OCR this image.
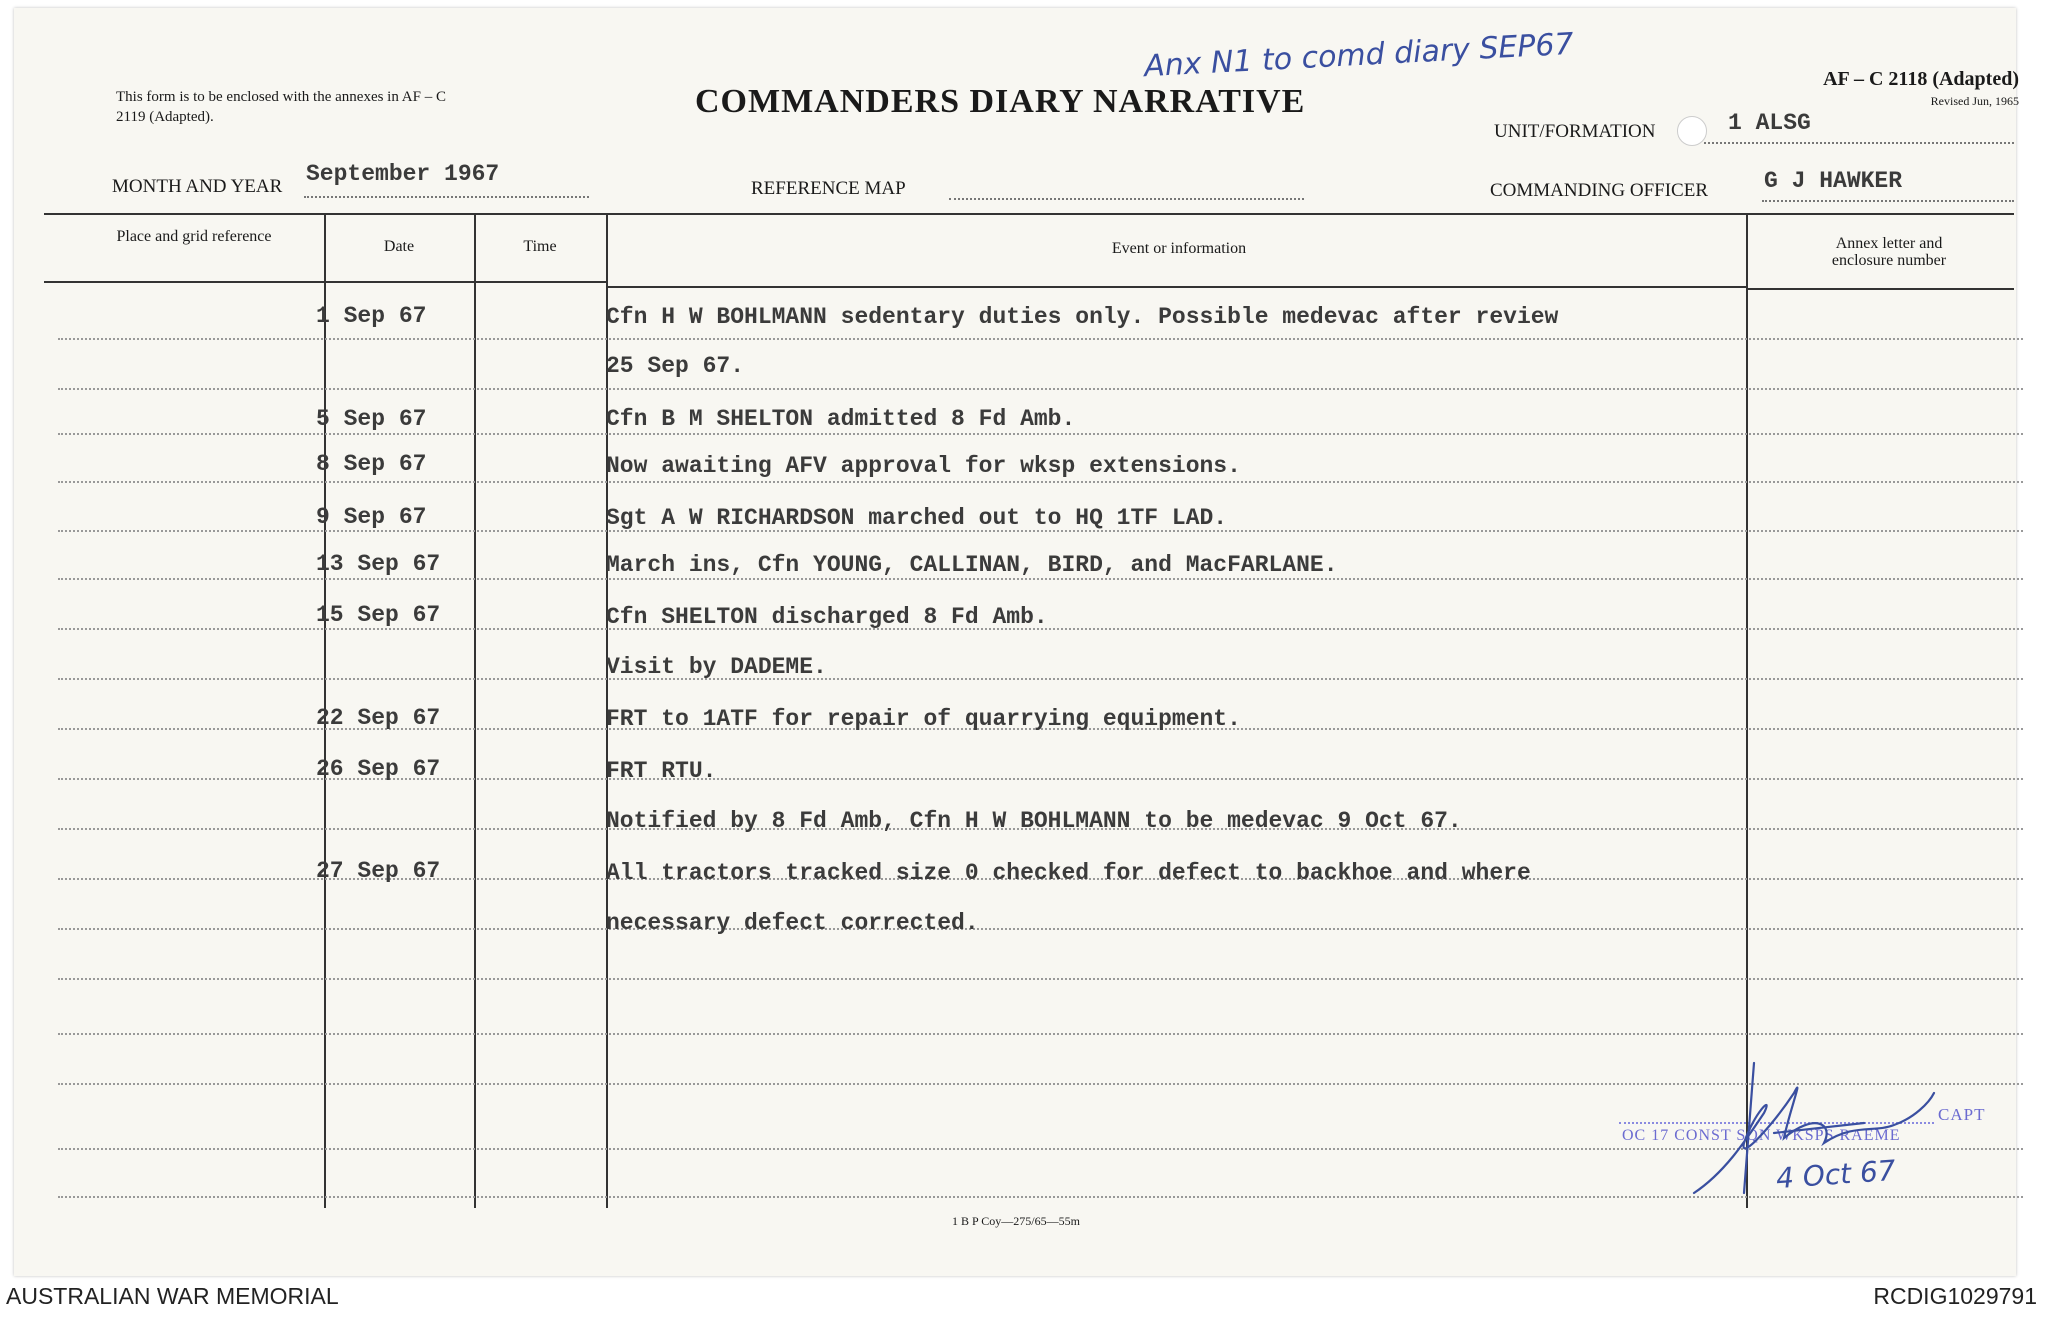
This form is to be enclosed with the annexes in AF – C 2119 (Adapted).	COMMANDERS DIARY NARRATIVE
Anx N1 to comd diary SEP67	AF – C 2118 (Adapted)
Revised Jun, 1965
UNIT/FORMATION	1 ALSG
MONTH AND YEAR September 1967
REFERENCE MAP	COMMANDING OFFICER G J HAWKER
Place and grid reference
Date	Time	Event or information	Annex letter and enclosure number
1 Sep 67	Cfn H W BOHLMANN sedentary duties only. Possible medevac after review
25 Sep 67.
5 Sep 67	Cfn B M SHELTON admitted 8 Fd Amb.
8 Sep 67	Now awaiting AFV approval for wksp extensions.
9 Sep 67	Sgt A W RICHARDSON marched out to HQ 1TF LAD.
13 Sep 67	March ins, Cfn YOUNG, CALLINAN, BIRD, and MacFARLANE.
15 Sep 67	Cfn SHELTON discharged 8 Fd Amb.
Visit by DADEME.
22 Sep 67	FRT to 1ATF for repair of quarrying equipment.
26 Sep 67	FRT RTU.
Notified by 8 Fd Amb, Cfn H W BOHLMANN to be medevac 9 Oct 67.
27 Sep 67	All tractors tracked size 0 checked for defect to backhoe and where
necessary defect corrected.
CAPT
OC 17 CONST SQN WKSPS RAEME
4 Oct 67
1 B P Coy—275/65—55m
AUSTRALIAN WAR MEMORIAL	RCDIG1029791
